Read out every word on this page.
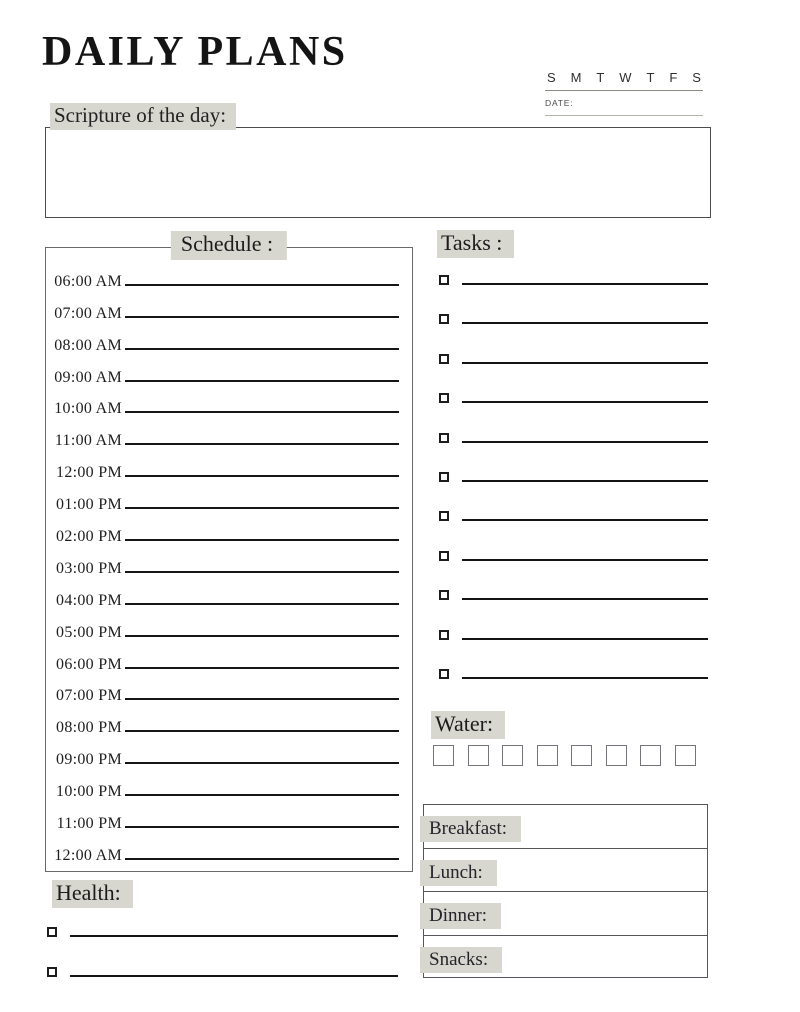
DAILY PLANS
S M T W T F S
DATE:
Scripture of the day:
Schedule :
06:00 AM
07:00 AM
08:00 AM
09:00 AM
10:00 AM
11:00 AM
12:00 PM
01:00 PM
02:00 PM
03:00 PM
04:00 PM
05:00 PM
06:00 PM
07:00 PM
08:00 PM
09:00 PM
10:00 PM
11:00 PM
12:00 AM
Tasks :
Water:
Breakfast:
Lunch:
Dinner:
Snacks:
Health:
